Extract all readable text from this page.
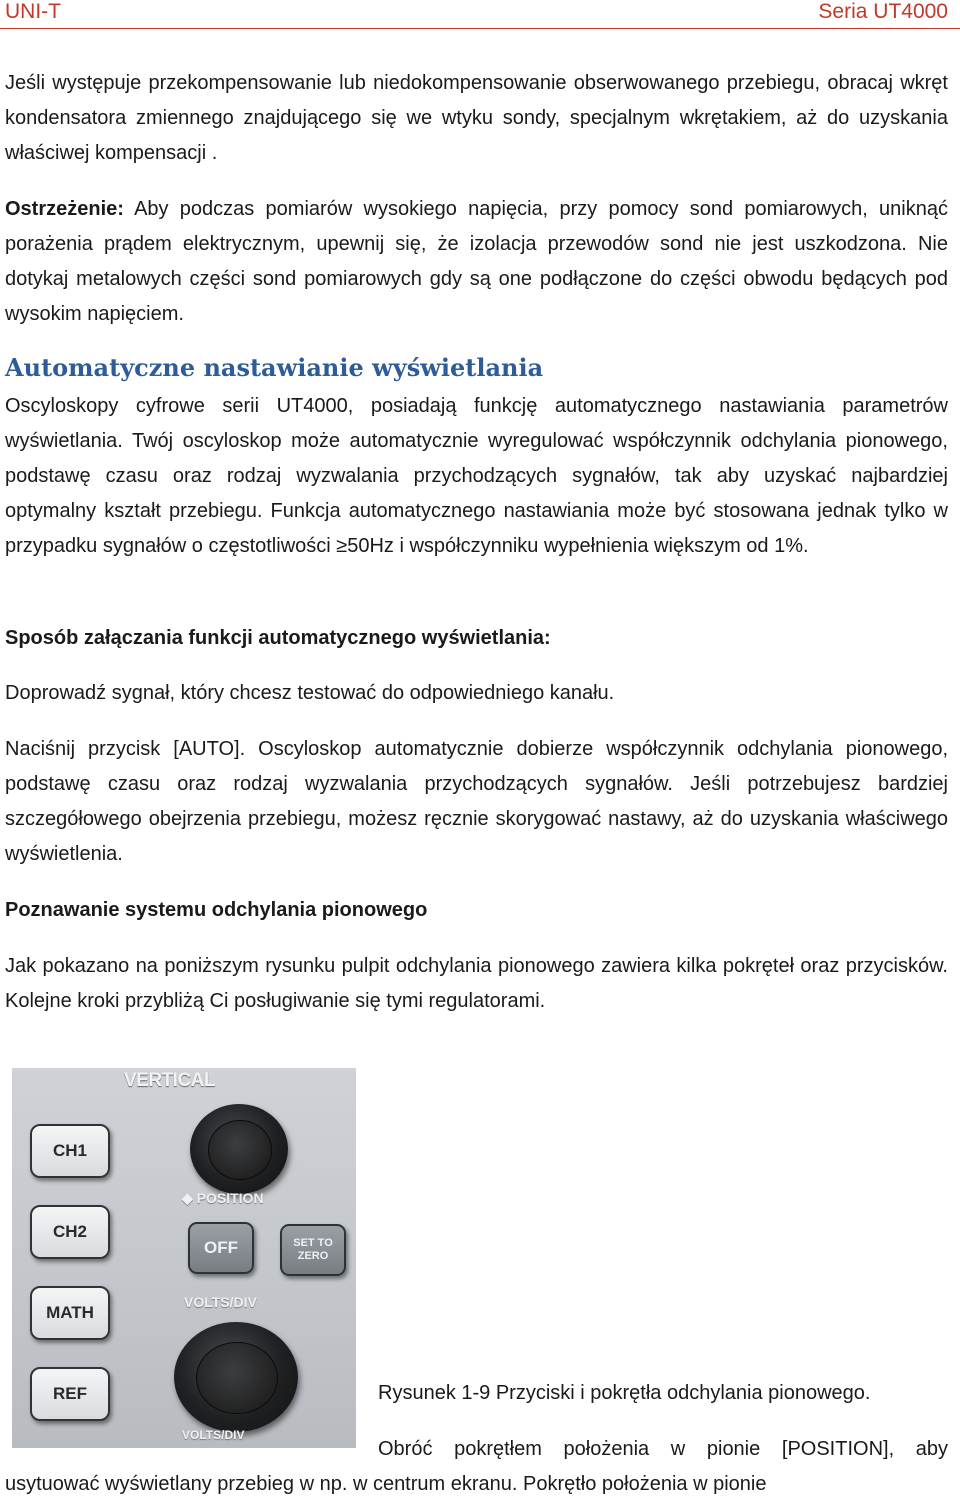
UNI-T	Seria UT4000

Jeśli występuje przekompensowanie lub niedokompensowanie obserwowanego przebiegu, obracaj wkręt kondensatora zmiennego znajdującego się we wtyku sondy, specjalnym wkrętakiem, aż do uzyskania właściwej kompensacji .

Ostrzeżenie: Aby podczas pomiarów wysokiego napięcia, przy pomocy sond pomiarowych, uniknąć porażenia prądem elektrycznym, upewnij się, że izolacja przewodów sond nie jest uszkodzona. Nie dotykaj metalowych części sond pomiarowych gdy są one podłączone do części obwodu będących pod wysokim napięciem.

Automatyczne nastawianie wyświetlania

Oscyloskopy cyfrowe serii UT4000, posiadają funkcję automatycznego nastawiania parametrów wyświetlania. Twój oscyloskop może automatycznie wyregulować współczynnik odchylania pionowego, podstawę czasu oraz rodzaj wyzwalania przychodzących sygnałów, tak aby uzyskać najbardziej optymalny kształt przebiegu. Funkcja automatycznego nastawiania może być stosowana jednak tylko w przypadku sygnałów o częstotliwości ≥50Hz i współczynniku wypełnienia większym od 1%.

Sposób załączania funkcji automatycznego wyświetlania:

Doprowadź sygnał, który chcesz testować do odpowiedniego kanału.

Naciśnij przycisk [AUTO]. Oscyloskop automatycznie dobierze współczynnik odchylania pionowego, podstawę czasu oraz rodzaj wyzwalania przychodzących sygnałów. Jeśli potrzebujesz bardziej szczegółowego obejrzenia przebiegu, możesz ręcznie skorygować nastawy, aż do uzyskania właściwego wyświetlenia.

Poznawanie systemu odchylania pionowego

Jak pokazano na poniższym rysunku pulpit odchylania pionowego zawiera kilka pokręteł oraz przycisków. Kolejne kroki przybliżą Ci posługiwanie się tymi regulatorami.

VERTICAL
CH1
CH2
MATH
REF
◆ POSITION
OFF	SET TO ZERO
VOLTS/DIV
VOLTS/DIV

Rysunek 1-9 Przyciski i pokrętła odchylania pionowego.

Obróć pokrętłem położenia w pionie [POSITION], aby usytuować wyświetlany przebieg w np. w centrum ekranu. Pokrętło położenia w pionie
